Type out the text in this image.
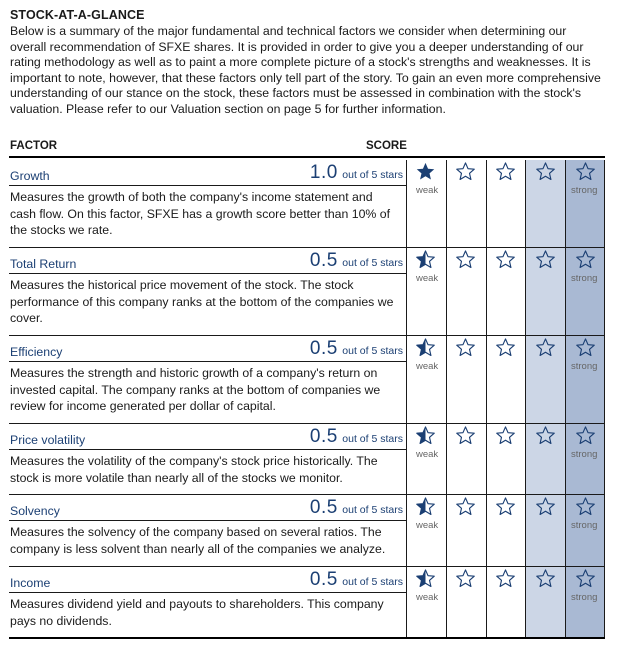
STOCK-AT-A-GLANCE
Below is a summary of the major fundamental and technical factors we consider when determining our overall recommendation of SFXE shares. It is provided in order to give you a deeper understanding of our rating methodology as well as to paint a more complete picture of a stock's strengths and weaknesses. It is important to note, however, that these factors only tell part of the story. To gain an even more comprehensive understanding of our stance on the stock, these factors must be assessed in combination with the stock's valuation. Please refer to our Valuation section on page 5 for further information.
FACTOR	SCORE
Growth	1.0 out of 5 stars
Measures the growth of both the company's income statement and cash flow. On this factor, SFXE has a growth score better than 10% of the stocks we rate.
weak	strong
Total Return	0.5 out of 5 stars
Measures the historical price movement of the stock. The stock performance of this company ranks at the bottom of the companies we cover.
weak	strong
Efficiency	0.5 out of 5 stars
Measures the strength and historic growth of a company's return on invested capital. The company ranks at the bottom of companies we review for income generated per dollar of capital.
weak	strong
Price volatility	0.5 out of 5 stars
Measures the volatility of the company's stock price historically. The stock is more volatile than nearly all of the stocks we monitor.
weak	strong
Solvency	0.5 out of 5 stars
Measures the solvency of the company based on several ratios. The company is less solvent than nearly all of the companies we analyze.
weak	strong
Income	0.5 out of 5 stars
Measures dividend yield and payouts to shareholders. This company pays no dividends.
weak	strong
